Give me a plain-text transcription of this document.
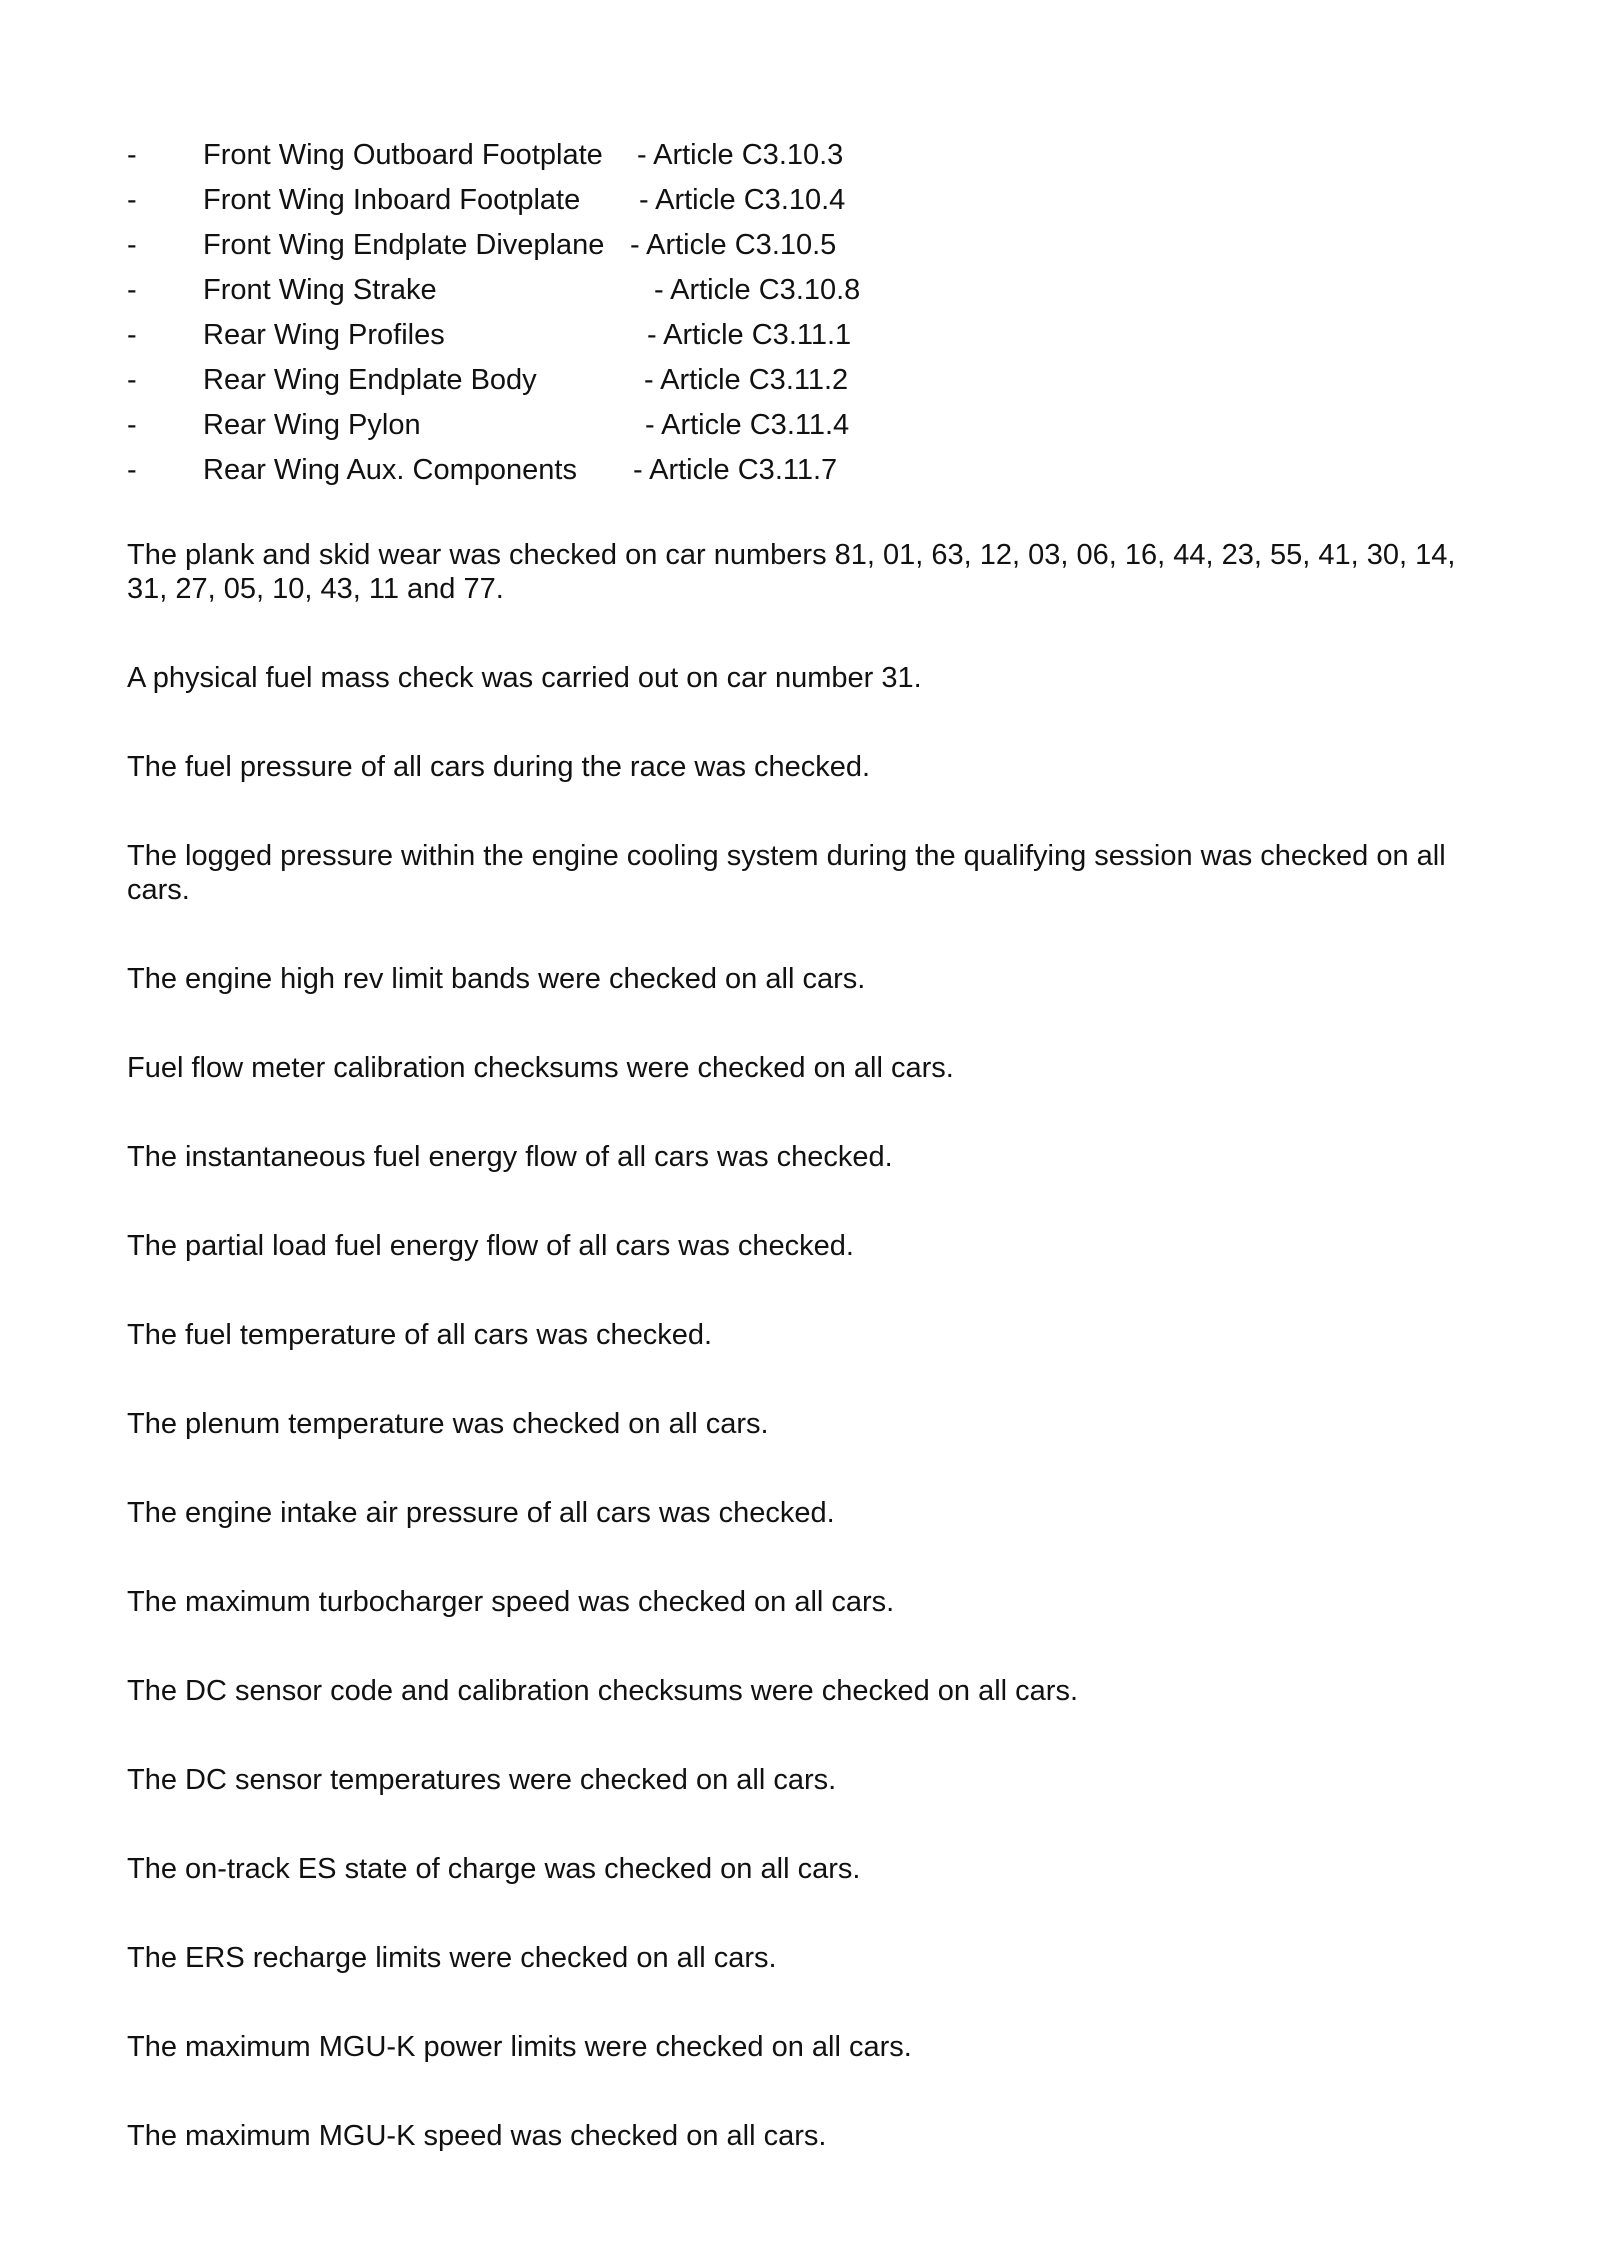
- Front Wing Outboard Footplate - Article C3.10.3
- Front Wing Inboard Footplate - Article C3.10.4
- Front Wing Endplate Diveplane - Article C3.10.5
- Front Wing Strake	- Article C3.10.8
- Rear Wing Profiles	- Article C3.11.1
- Rear Wing Endplate Body	- Article C3.11.2
- Rear Wing Pylon	- Article C3.11.4
- Rear Wing Aux. Components - Article C3.11.7

The plank and skid wear was checked on car numbers 81, 01, 63, 12, 03, 06, 16, 44, 23, 55, 41, 30, 14, 31, 27, 05, 10, 43, 11 and 77.

A physical fuel mass check was carried out on car number 31.

The fuel pressure of all cars during the race was checked.

The logged pressure within the engine cooling system during the qualifying session was checked on all cars.

The engine high rev limit bands were checked on all cars.

Fuel flow meter calibration checksums were checked on all cars.

The instantaneous fuel energy flow of all cars was checked.

The partial load fuel energy flow of all cars was checked.

The fuel temperature of all cars was checked.

The plenum temperature was checked on all cars.

The engine intake air pressure of all cars was checked.

The maximum turbocharger speed was checked on all cars.

The DC sensor code and calibration checksums were checked on all cars.

The DC sensor temperatures were checked on all cars.

The on-track ES state of charge was checked on all cars.

The ERS recharge limits were checked on all cars.

The maximum MGU-K power limits were checked on all cars.

The maximum MGU-K speed was checked on all cars.
